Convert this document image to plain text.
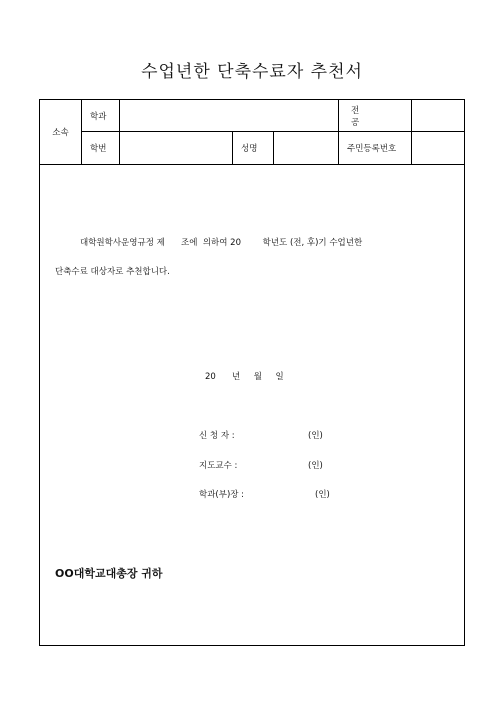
수업년한 단축수료자 추천서
소속	학과				전 공	
	학번		성명		주민등록번호	
대학원학사운영규정 제      조에  의하여 20        학년도 (전, 후)기 수업년한
단축수료 대상자로 추천합니다.
20      년     월     일
신 청 자 :	(인)
지도교수 :	(인)
학과(부)장 :	(인)
OO대학교대총장 귀하
